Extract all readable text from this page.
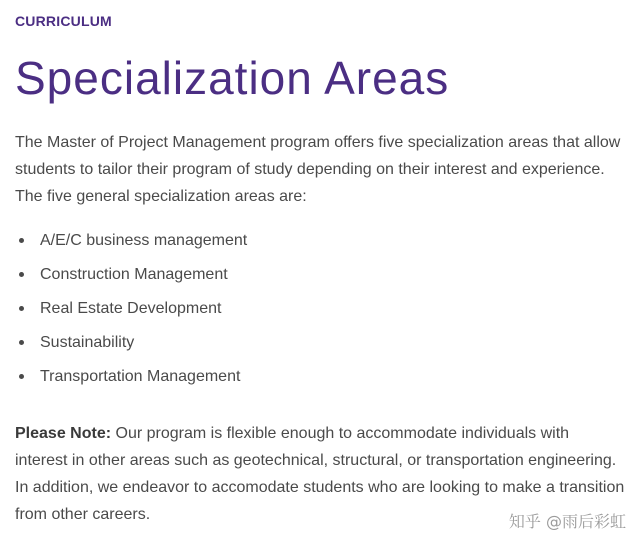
CURRICULUM
Specialization Areas

The Master of Project Management program offers five specialization areas that allow students to tailor their program of study depending on their interest and experience. The five general specialization areas are:

A/E/C business management
Construction Management
Real Estate Development
Sustainability
Transportation Management

Please Note: Our program is flexible enough to accommodate individuals with interest in other areas such as geotechnical, structural, or transportation engineering. In addition, we endeavor to accomodate students who are looking to make a transition from other careers.	知乎 @雨后彩虹
